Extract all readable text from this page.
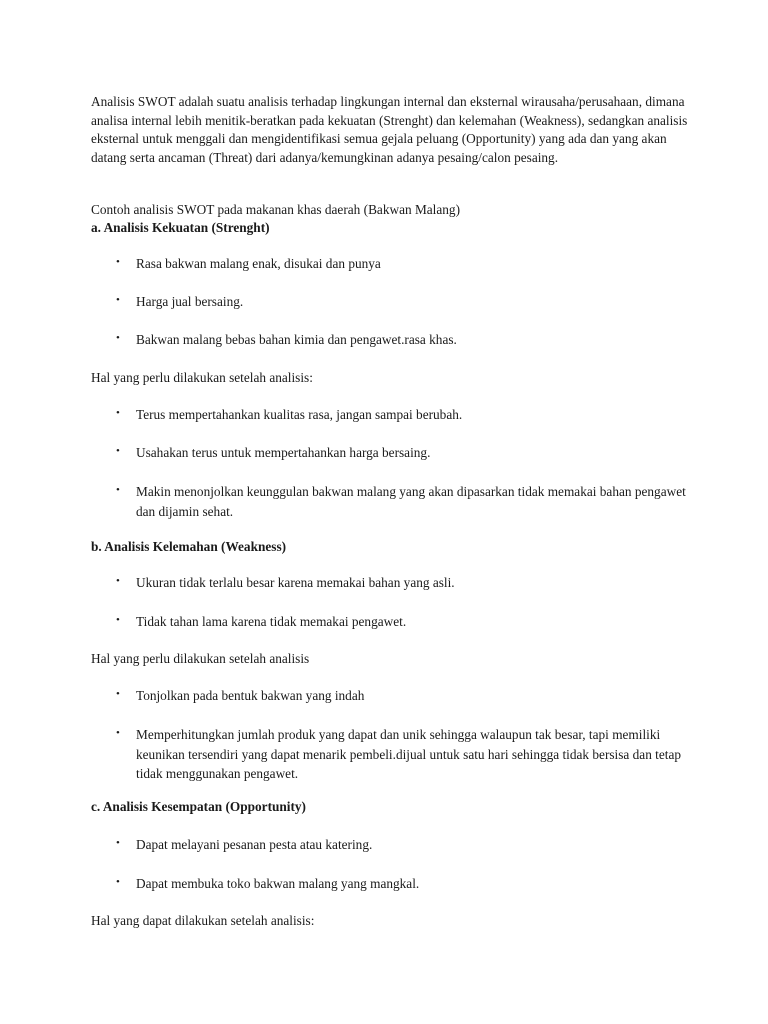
Analisis SWOT adalah suatu analisis terhadap lingkungan internal dan eksternal wirausaha/perusahaan, dimana analisa internal lebih menitik-beratkan pada kekuatan (Strenght) dan kelemahan (Weakness), sedangkan analisis eksternal untuk menggali dan mengidentifikasi semua gejala peluang (Opportunity) yang ada dan yang akan datang serta ancaman (Threat) dari adanya/kemungkinan adanya pesaing/calon pesaing.

Contoh analisis SWOT pada makanan khas daerah (Bakwan Malang)

a. Analisis Kekuatan (Strenght)

•	Rasa bakwan malang enak, disukai dan punya
•	Harga jual bersaing.
•	Bakwan malang bebas bahan kimia dan pengawet.rasa khas.

Hal yang perlu dilakukan setelah analisis:

•	Terus mempertahankan kualitas rasa, jangan sampai berubah.
•	Usahakan terus untuk mempertahankan harga bersaing.
•	Makin menonjolkan keunggulan bakwan malang yang akan dipasarkan tidak memakai bahan pengawet dan dijamin sehat.

b. Analisis Kelemahan (Weakness)

•	Ukuran tidak terlalu besar karena memakai bahan yang asli.
•	Tidak tahan lama karena tidak memakai pengawet.

Hal yang perlu dilakukan setelah analisis

•	Tonjolkan pada bentuk bakwan yang indah
•	Memperhitungkan jumlah produk yang dapat dan unik sehingga walaupun tak besar, tapi memiliki keunikan tersendiri yang dapat menarik pembeli.dijual untuk satu hari sehingga tidak bersisa dan tetap tidak menggunakan pengawet.

c. Analisis Kesempatan (Opportunity)

•	Dapat melayani pesanan pesta atau katering.
•	Dapat membuka toko bakwan malang yang mangkal.

Hal yang dapat dilakukan setelah analisis:
